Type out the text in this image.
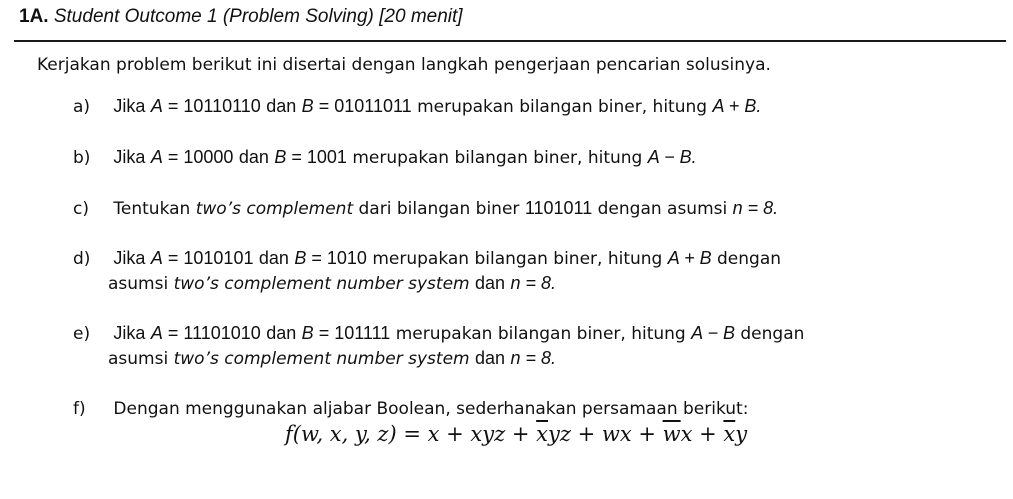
1A. Student Outcome 1 (Problem Solving) [20 menit]
Kerjakan problem berikut ini disertai dengan langkah pengerjaan pencarian solusinya.
a) Jika A = 10110110 dan B = 01011011 merupakan bilangan biner, hitung A + B.
b) Jika A = 10000 dan B = 1001 merupakan bilangan biner, hitung A − B.
c) Tentukan two’s complement dari bilangan biner 1101011 dengan asumsi n = 8.
d) Jika A = 1010101 dan B = 1010 merupakan bilangan biner, hitung A + B dengan
asumsi two’s complement number system dan n = 8.
e) Jika A = 11101010 dan B = 101111 merupakan bilangan biner, hitung A − B dengan
asumsi two’s complement number system dan n = 8.
f) Dengan menggunakan aljabar Boolean, sederhanakan persamaan berikut:
f(w, x, y, z) = x + xyz + $\overline{x}yz$ + wx + $\overline{w}x + \overline{x}y$
